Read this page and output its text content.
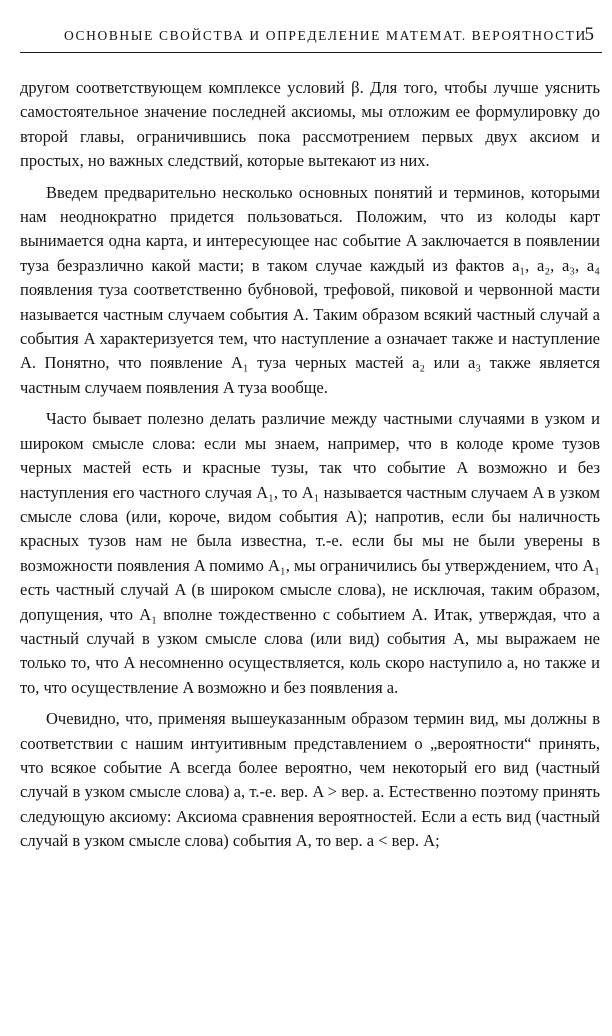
ОСНОВНЫЕ СВОЙСТВА И ОПРЕДЕЛЕНИЕ МАТЕМАТ. ВЕРОЯТНОСТИ
5

другом соответствующем комплексе условий β. Для того, чтобы лучше уяснить самостоятельное значение последней аксиомы, мы отложим ее формулировку до второй главы, ограничившись пока рассмотрением первых двух аксиом и простых, но важных следствий, которые вытекают из них.

Введем предварительно несколько основных понятий и терминов, которыми нам неоднократно придется пользоваться. Положим, что из колоды карт вынимается одна карта, и интересующее нас событие A заключается в появлении туза безразлично какой масти; в таком случае каждый из фактов a₁, a₂, a₃, a₄ появления туза соответственно бубновой, трефовой, пиковой и червонной масти называется частным случаем события A. Таким образом всякий частный случай a события A характеризуется тем, что наступление a означает также и наступление A. Понятно, что появление A₁ туза черных мастей a₂ или a₃ также является частным случаем появления A туза вообще.

Часто бывает полезно делать различие между частными случаями в узком и широком смысле слова: если мы знаем, например, что в колоде кроме тузов черных мастей есть и красные тузы, так что событие A возможно и без наступления его частного случая A₁, то A₁ называется частным случаем A в узком смысле слова (или, короче, видом события A); напротив, если бы наличность красных тузов нам не была известна, т.-е. если бы мы не были уверены в возможности появления A помимо A₁, мы ограничились бы утверждением, что A₁ есть частный случай A (в широком смысле слова), не исключая, таким образом, допущения, что A₁ вполне тождественно с событием A. Итак, утверждая, что a частный случай в узком смысле слова (или вид) события A, мы выражаем не только то, что A несомненно осуществляется, коль скоро наступило a, но также и то, что осуществление A возможно и без появления a.

Очевидно, что, применяя вышеуказанным образом термин вид, мы должны в соответствии с нашим интуитивным представлением о „вероятности“ принять, что всякое событие A всегда более вероятно, чем некоторый его вид (частный случай в узком смысле слова) a, т.-е. вер. A > вер. a. Естественно поэтому принять следующую аксиому: Аксиома сравнения вероятностей. Если a есть вид (частный случай в узком смысле слова) события A, то вер. a < вер. A;
